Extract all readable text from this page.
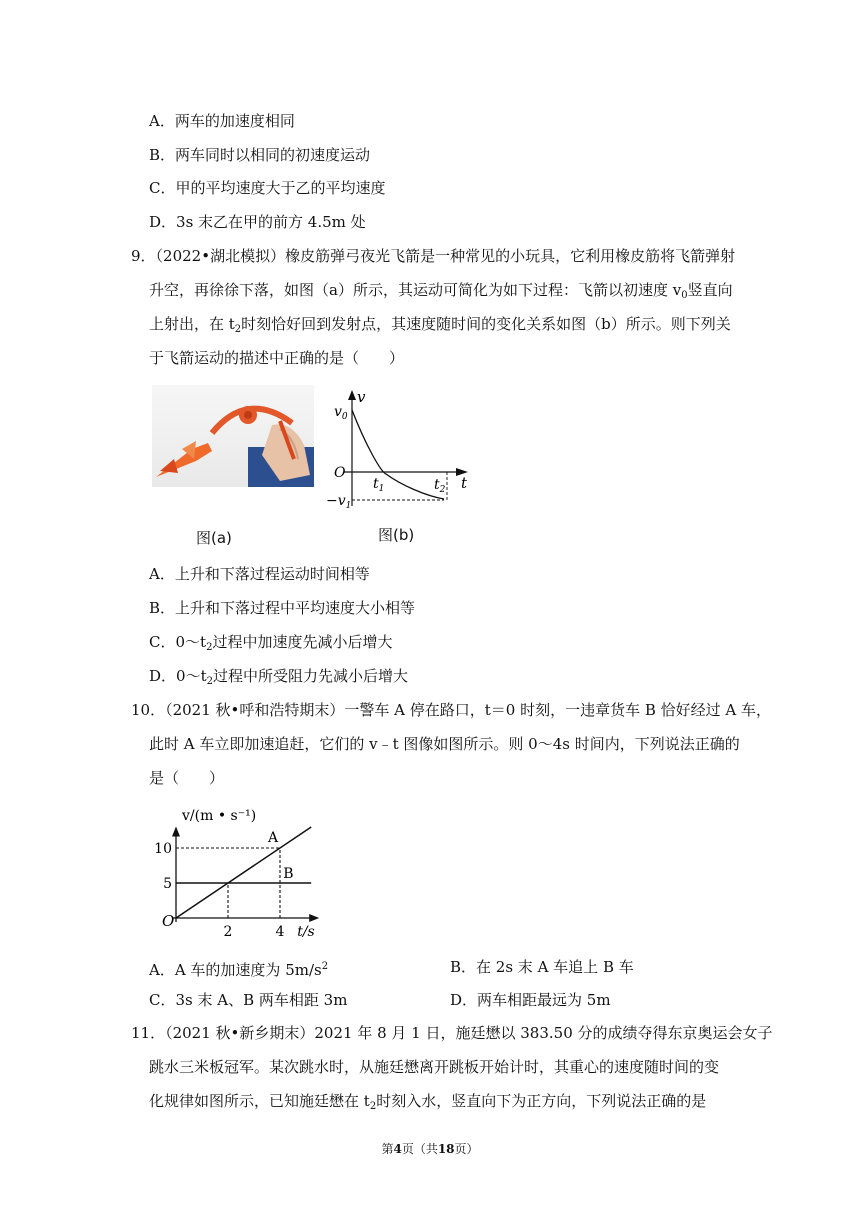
A．两车的加速度相同
B．两车同时以相同的初速度运动
C．甲的平均速度大于乙的平均速度
D．3s 末乙在甲的前方 4.5m 处
9．（2022•湖北模拟）橡皮筋弹弓夜光飞箭是一种常见的小玩具，它利用橡皮筋将飞箭弹射
升空，再徐徐下落，如图（a）所示，其运动可简化为如下过程：飞箭以初速度 $v_0$竖直向
上射出，在 $t_2$时刻恰好回到发射点，其速度随时间的变化关系如图（b）所示。则下列关
于飞箭运动的描述中正确的是（　　）
图(a)
v
t
O
$v_0$
$t_1$	$t_2$
$-v_1$
图(b)
A．上升和下落过程运动时间相等
B．上升和下落过程中平均速度大小相等
C．$0\sim t_2$过程中加速度先减小后增大
D．$0\sim t_2$过程中所受阻力先减小后增大
10．（2021 秋•呼和浩特期末）一警车 A 停在路口，t＝0 时刻，一违章货车 B 恰好经过 A 车，
此时 A 车立即加速追赶，它们的 v﹣t 图像如图所示。则 0～4s 时间内，下列说法正确的
是（　　）
5
10
2	4
v/(m • s⁻¹)
t/s
O
A
B
A．A 车的加速度为 $5m/s^2$	B．在 2s 末 A 车追上 B 车
C．3s 末 A、B 两车相距 3m	D．两车相距最远为 5m
11．（2021 秋•新乡期末）2021 年 8 月 1 日，施廷懋以 383.50 分的成绩夺得东京奥运会女子
跳水三米板冠军。某次跳水时，从施廷懋离开跳板开始计时，其重心的速度随时间的变
化规律如图所示，已知施廷懋在 $t_2$时刻入水，竖直向下为正方向，下列说法正确的是
第4页（共18页）
